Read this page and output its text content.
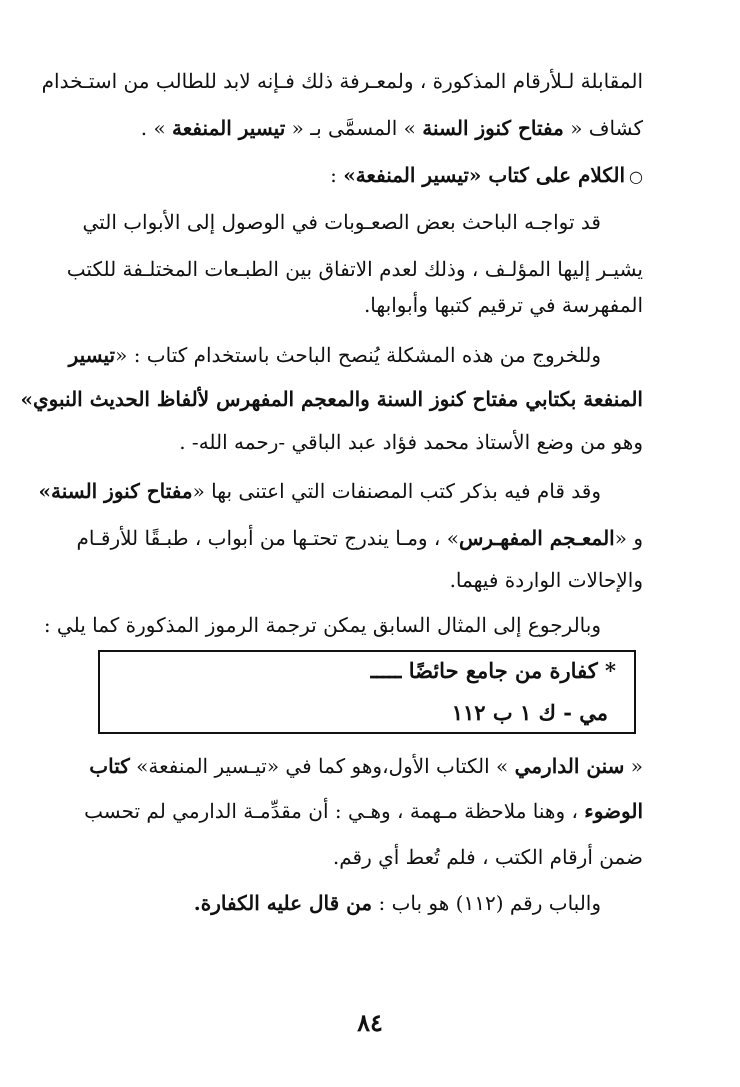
المقابلة لـلأرقام المذكورة ، ولمعـرفة ذلك فـإنه لابد للطالب من استـخدام
كشاف « مفتاح كنوز السنة » المسمَّى بـ « تيسير المنفعة » .
○الكلام على كتاب «تيسير المنفعة» :
قد تواجـه الباحث بعض الصعـوبات في الوصول إلى الأبواب التي
يشيـر إليها المؤلـف ، وذلك لعدم الاتفاق بين الطبـعات المختلـفة للكتب
المفهرسة في ترقيم كتبها وأبوابها.
وللخروج من هذه المشكلة يُنصح الباحث باستخدام كتاب : «تيسير
المنفعة بكتابي مفتاح كنوز السنة والمعجم المفهرس لألفاظ الحديث النبوي»
وهو من وضع الأستاذ محمد فؤاد عبد الباقي -رحمه الله- .
وقد قام فيه بذكر كتب المصنفات التي اعتنى بها «مفتاح كنوز السنة»
و «المعـجم المفهـرس» ، ومـا يندرج تحتـها من أبواب ، طبـقًا للأرقـام
والإحالات الواردة فيهما.
وبالرجوع إلى المثال السابق يمكن ترجمة الرموز المذكورة كما يلي :
* كفارة من جامع حائضًا ـــــ
مي - ك ١ ب ١١٢
« سنن الدارمي » الكتاب الأول،وهو كما في «تيـسير المنفعة» كتاب
الوضوء ، وهنا ملاحظة مـهمة ، وهـي : أن مقدِّمـة الدارمي لم تحسب
ضمن أرقام الكتب ، فلم تُعط أي رقم.
والباب رقم (١١٢) هو باب : من قال عليه الكفارة.
٨٤
